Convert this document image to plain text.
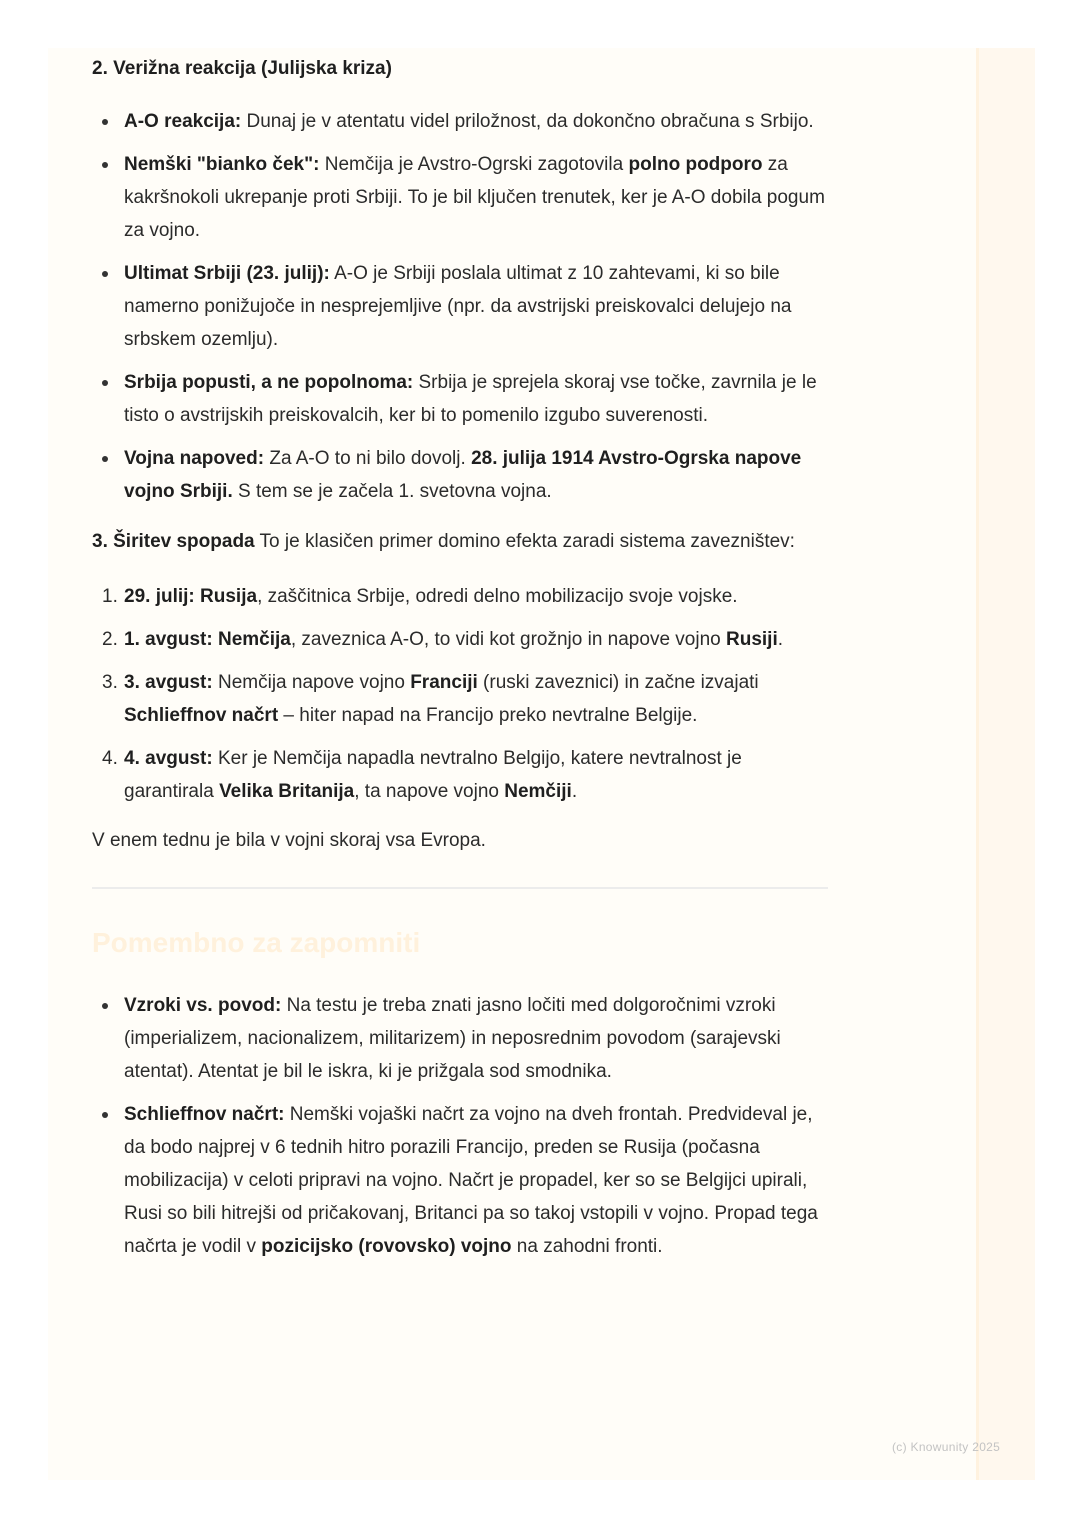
2. Verižna reakcija (Julijska kriza)
A-O reakcija: Dunaj je v atentatu videl priložnost, da dokončno obračuna s Srbijo.
Nemški "bianko ček": Nemčija je Avstro-Ogrski zagotovila polno podporo za kakršnokoli ukrepanje proti Srbiji. To je bil ključen trenutek, ker je A-O dobila pogum za vojno.
Ultimat Srbiji (23. julij): A-O je Srbiji poslala ultimat z 10 zahtevami, ki so bile namerno ponižujoče in nesprejemljive (npr. da avstrijski preiskovalci delujejo na srbskem ozemlju).
Srbija popusti, a ne popolnoma: Srbija je sprejela skoraj vse točke, zavrnila je le tisto o avstrijskih preiskovalcih, ker bi to pomenilo izgubo suverenosti.
Vojna napoved: Za A-O to ni bilo dovolj. 28. julija 1914 Avstro-Ogrska napove vojno Srbiji. S tem se je začela 1. svetovna vojna.

3. Širitev spopada To je klasičen primer domino efekta zaradi sistema zavezništev:

1. 29. julij: Rusija, zaščitnica Srbije, odredi delno mobilizacijo svoje vojske.
2. 1. avgust: Nemčija, zaveznica A-O, to vidi kot grožnjo in napove vojno Rusiji.
3. 3. avgust: Nemčija napove vojno Franciji (ruski zaveznici) in začne izvajati Schlieffnov načrt – hiter napad na Francijo preko nevtralne Belgije.
4. 4. avgust: Ker je Nemčija napadla nevtralno Belgijo, katere nevtralnost je garantirala Velika Britanija, ta napove vojno Nemčiji.

V enem tednu je bila v vojni skoraj vsa Evropa.

Pomembno za zapomniti
Vzroki vs. povod: Na testu je treba znati jasno ločiti med dolgoročnimi vzroki (imperializem, nacionalizem, militarizem) in neposrednim povodom (sarajevski atentat). Atentat je bil le iskra, ki je prižgala sod smodnika.
Schlieffnov načrt: Nemški vojaški načrt za vojno na dveh frontah. Predvideval je, da bodo najprej v 6 tednih hitro porazili Francijo, preden se Rusija (počasna mobilizacija) v celoti pripravi na vojno. Načrt je propadel, ker so se Belgijci upirali, Rusi so bili hitrejši od pričakovanj, Britanci pa so takoj vstopili v vojno. Propad tega načrta je vodil v pozicijsko (rovovsko) vojno na zahodni fronti.
(c) Knowunity 2025
